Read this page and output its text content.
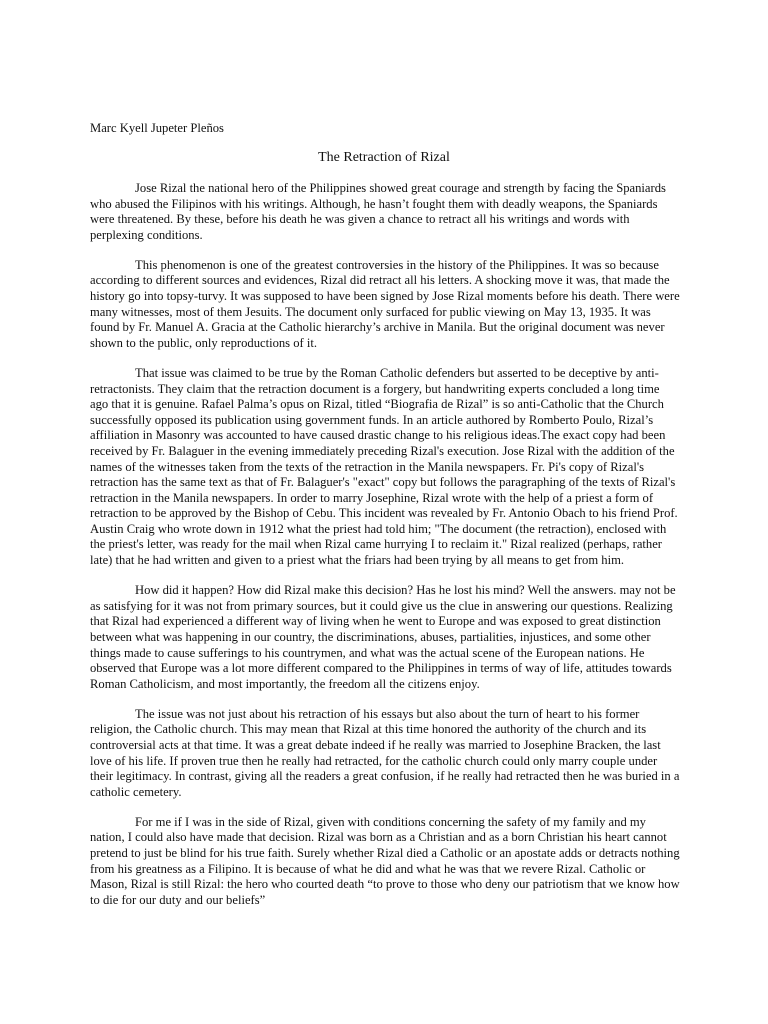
Marc Kyell Jupeter Pleños

The Retraction of Rizal

Jose Rizal the national hero of the Philippines showed great courage and strength by facing the Spaniards who abused the Filipinos with his writings. Although, he hasn’t fought them with deadly weapons, the Spaniards were threatened. By these, before his death he was given a chance to retract all his writings and words with perplexing conditions.

This phenomenon is one of the greatest controversies in the history of the Philippines. It was so because according to different sources and evidences, Rizal did retract all his letters. A shocking move it was, that made the history go into topsy-turvy. It was supposed to have been signed by Jose Rizal moments before his death. There were many witnesses, most of them Jesuits. The document only surfaced for public viewing on May 13, 1935. It was found by Fr. Manuel A. Gracia at the Catholic hierarchy’s archive in Manila. But the original document was never shown to the public, only reproductions of it.

That issue was claimed to be true by the Roman Catholic defenders but asserted to be deceptive by anti-retractonists. They claim that the retraction document is a forgery, but handwriting experts concluded a long time ago that it is genuine. Rafael Palma’s opus on Rizal, titled “Biografia de Rizal” is so anti-Catholic that the Church successfully opposed its publication using government funds. In an article authored by Romberto Poulo, Rizal’s affiliation in Masonry was accounted to have caused drastic change to his religious ideas.The exact copy had been received by Fr. Balaguer in the evening immediately preceding Rizal's execution. Jose Rizal with the addition of the names of the witnesses taken from the texts of the retraction in the Manila newspapers. Fr. Pi's copy of Rizal's retraction has the same text as that of Fr. Balaguer's "exact" copy but follows the paragraphing of the texts of Rizal's retraction in the Manila newspapers. In order to marry Josephine, Rizal wrote with the help of a priest a form of retraction to be approved by the Bishop of Cebu. This incident was revealed by Fr. Antonio Obach to his friend Prof. Austin Craig who wrote down in 1912 what the priest had told him; "The document (the retraction), enclosed with the priest's letter, was ready for the mail when Rizal came hurrying I to reclaim it." Rizal realized (perhaps, rather late) that he had written and given to a priest what the friars had been trying by all means to get from him.

How did it happen? How did Rizal make this decision? Has he lost his mind? Well the answers. may not be as satisfying for it was not from primary sources, but it could give us the clue in answering our questions. Realizing that Rizal had experienced a different way of living when he went to Europe and was exposed to great distinction between what was happening in our country, the discriminations, abuses, partialities, injustices, and some other things made to cause sufferings to his countrymen, and what was the actual scene of the European nations. He observed that Europe was a lot more different compared to the Philippines in terms of way of life, attitudes towards Roman Catholicism, and most importantly, the freedom all the citizens enjoy.

The issue was not just about his retraction of his essays but also about the turn of heart to his former religion, the Catholic church. This may mean that Rizal at this time honored the authority of the church and its controversial acts at that time. It was a great debate indeed if he really was married to Josephine Bracken, the last love of his life. If proven true then he really had retracted, for the catholic church could only marry couple under their legitimacy. In contrast, giving all the readers a great confusion, if he really had retracted then he was buried in a catholic cemetery.

For me if I was in the side of Rizal, given with conditions concerning the safety of my family and my nation, I could also have made that decision. Rizal was born as a Christian and as a born Christian his heart cannot pretend to just be blind for his true faith. Surely whether Rizal died a Catholic or an apostate adds or detracts nothing from his greatness as a Filipino. It is because of what he did and what he was that we revere Rizal. Catholic or Mason, Rizal is still Rizal: the hero who courted death “to prove to those who deny our patriotism that we know how to die for our duty and our beliefs”
